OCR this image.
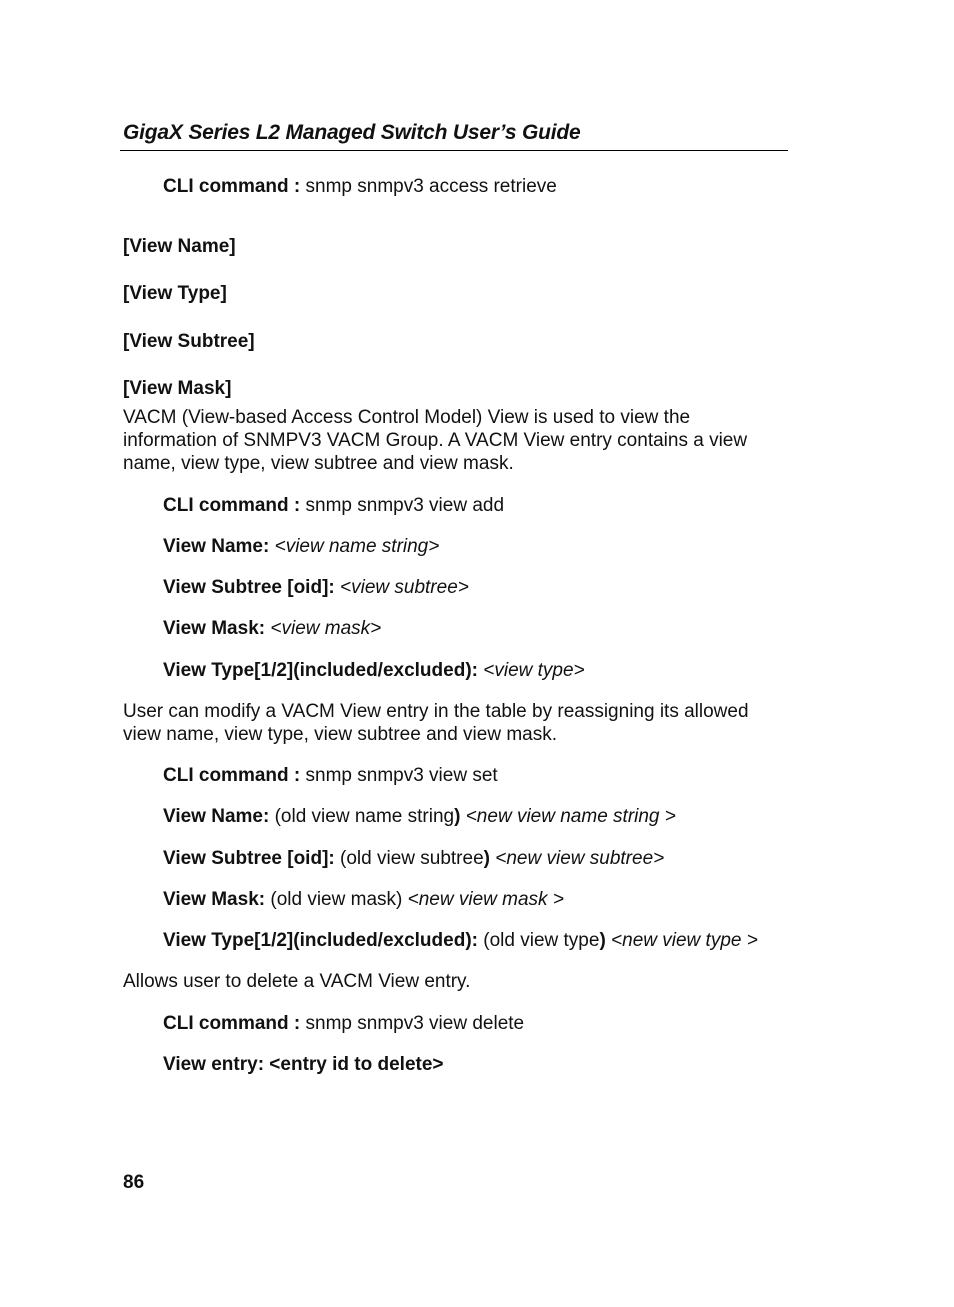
GigaX Series L2 Managed Switch User’s Guide
CLI command : snmp snmpv3 access retrieve
[View Name]
[View Type]
[View Subtree]
[View Mask]
VACM (View-based Access Control Model) View is used to view the information of SNMPV3 VACM Group. A VACM View entry contains a view name, view type, view subtree and view mask.
CLI command : snmp snmpv3 view add
View Name: <view name string>
View Subtree [oid]: <view subtree>
View Mask: <view mask>
View Type[1/2](included/excluded): <view type>
User can modify a VACM View entry in the table by reassigning its allowed view name, view type, view subtree and view mask.
CLI command : snmp snmpv3 view set
View Name: (old view name string) <new view name string >
View Subtree [oid]: (old view subtree) <new view subtree>
View Mask: (old view mask) <new view mask >
View Type[1/2](included/excluded): (old view type) <new view type >
Allows user to delete a VACM View entry.
CLI command : snmp snmpv3 view delete
View entry: <entry id to delete>
86
